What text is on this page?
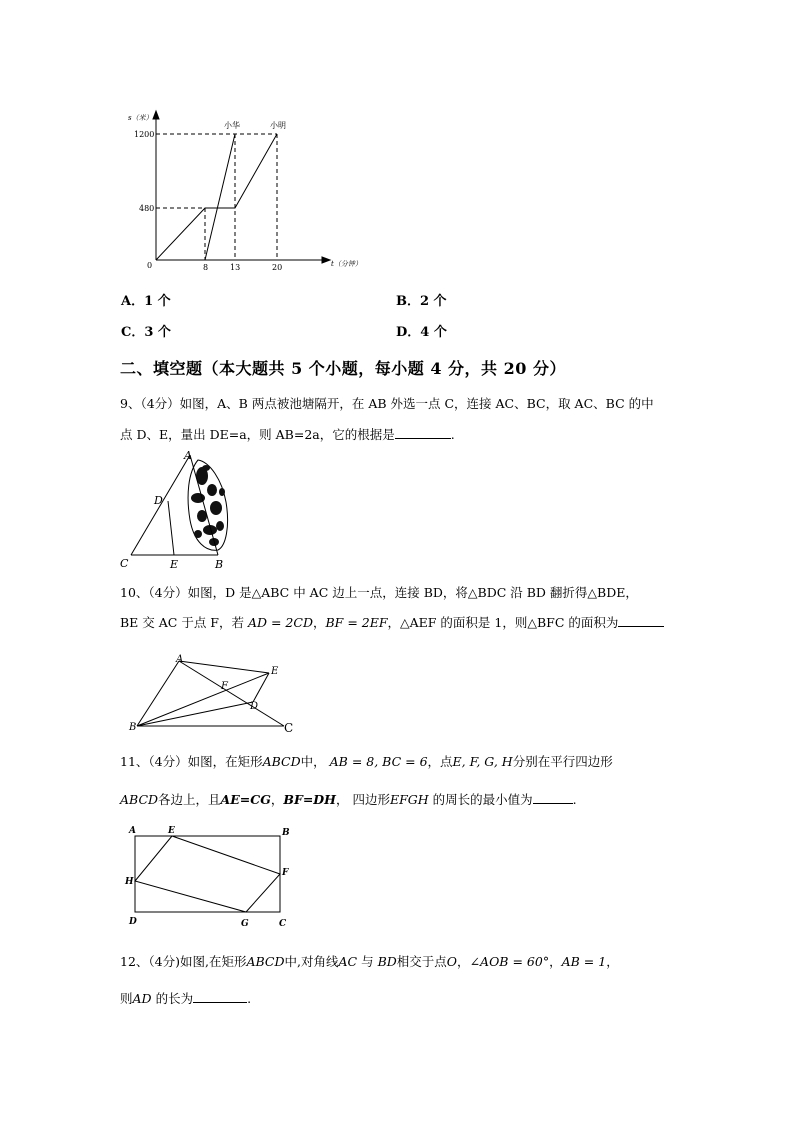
s（米）
t（分钟）
0
1200
480
8	13	20
小华	小明
A．1 个	B．2 个
C．3 个	D．4 个
二、填空题（本大题共 5 个小题，每小题 4 分，共 20 分）
9、（4分）如图，A、B 两点被池塘隔开，在 AB 外选一点 C，连接 AC、BC，取 AC、BC 的中
点 D、E，量出 DE=a，则 AB=2a，它的根据是	.
A
D
C	E	B
10、（4分）如图，D 是△ABC 中 AC 边上一点，连接 BD，将△BDC 沿 BD 翻折得△BDE，
BE 交 AC 于点 F，若 AD = 2CD，BF = 2EF，△AEF 的面积是 1，则△BFC 的面积为
A
E
F
D
B	C
11、（4分）如图，在矩形ABCD中， AB = 8, BC = 6，点E, F, G, H分别在平行四边形
ABCD各边上，且AE=CG，BF=DH， 四边形EFGH 的周长的最小值为	.
A	E	B
F
H
D	G	C
12、（4分)如图,在矩形ABCD中,对角线AC 与 BD相交于点O，∠AOB = 60°，AB = 1，
则AD 的长为	.
